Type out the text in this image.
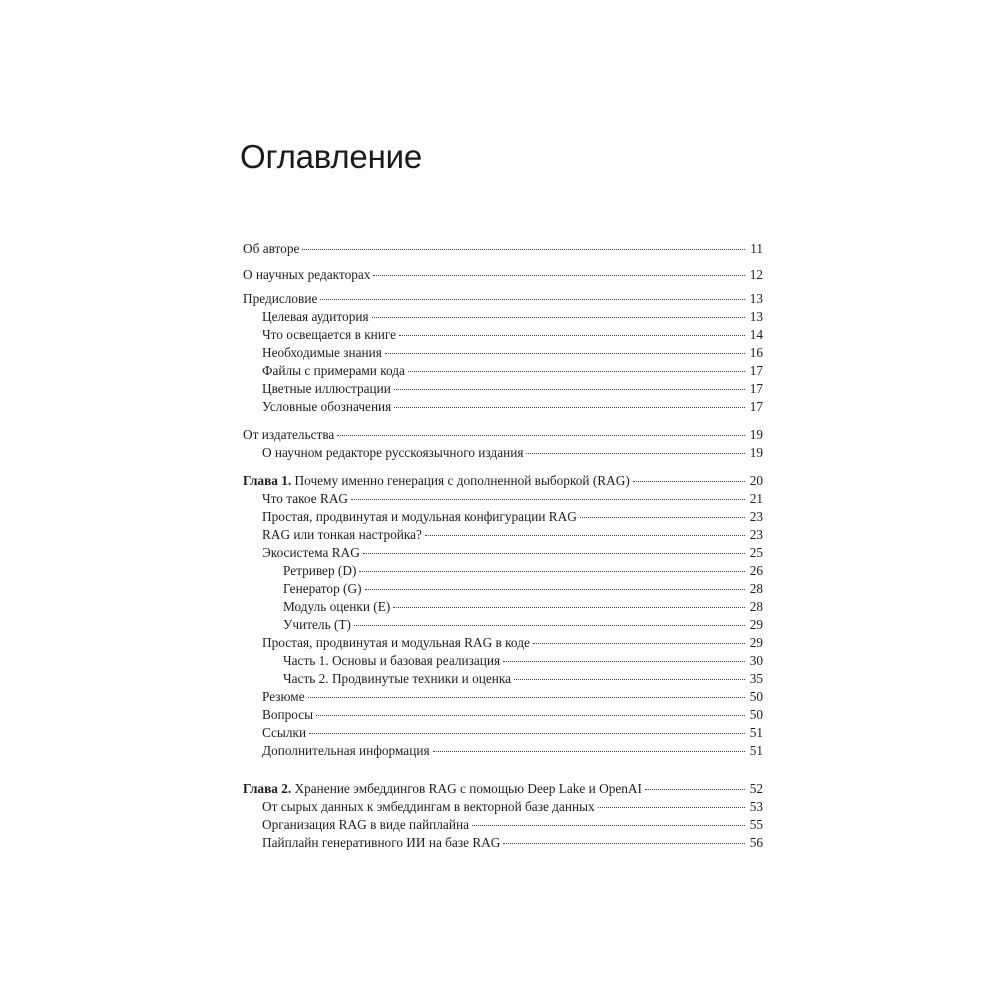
Оглавление
Об авторе	11
О научных редакторах	12
Предисловие	13
Целевая аудитория	13
Что освещается в книге	14
Необходимые знания	16
Файлы с примерами кода	17
Цветные иллюстрации	17
Условные обозначения	17
От издательства	19
О научном редакторе русскоязычного издания	19
Глава 1. Почему именно генерация с дополненной выборкой (RAG)	20
Что такое RAG	21
Простая, продвинутая и модульная конфигурации RAG	23
RAG или тонкая настройка?	23
Экосистема RAG	25
Ретривер (D)	26
Генератор (G)	28
Модуль оценки (E)	28
Учитель (T)	29
Простая, продвинутая и модульная RAG в коде	29
Часть 1. Основы и базовая реализация	30
Часть 2. Продвинутые техники и оценка	35
Резюме	50
Вопросы	50
Ссылки	51
Дополнительная информация	51
Глава 2. Хранение эмбеддингов RAG с помощью Deep Lake и OpenAI	52
От сырых данных к эмбеддингам в векторной базе данных	53
Организация RAG в виде пайплайна	55
Пайплайн генеративного ИИ на базе RAG	56
